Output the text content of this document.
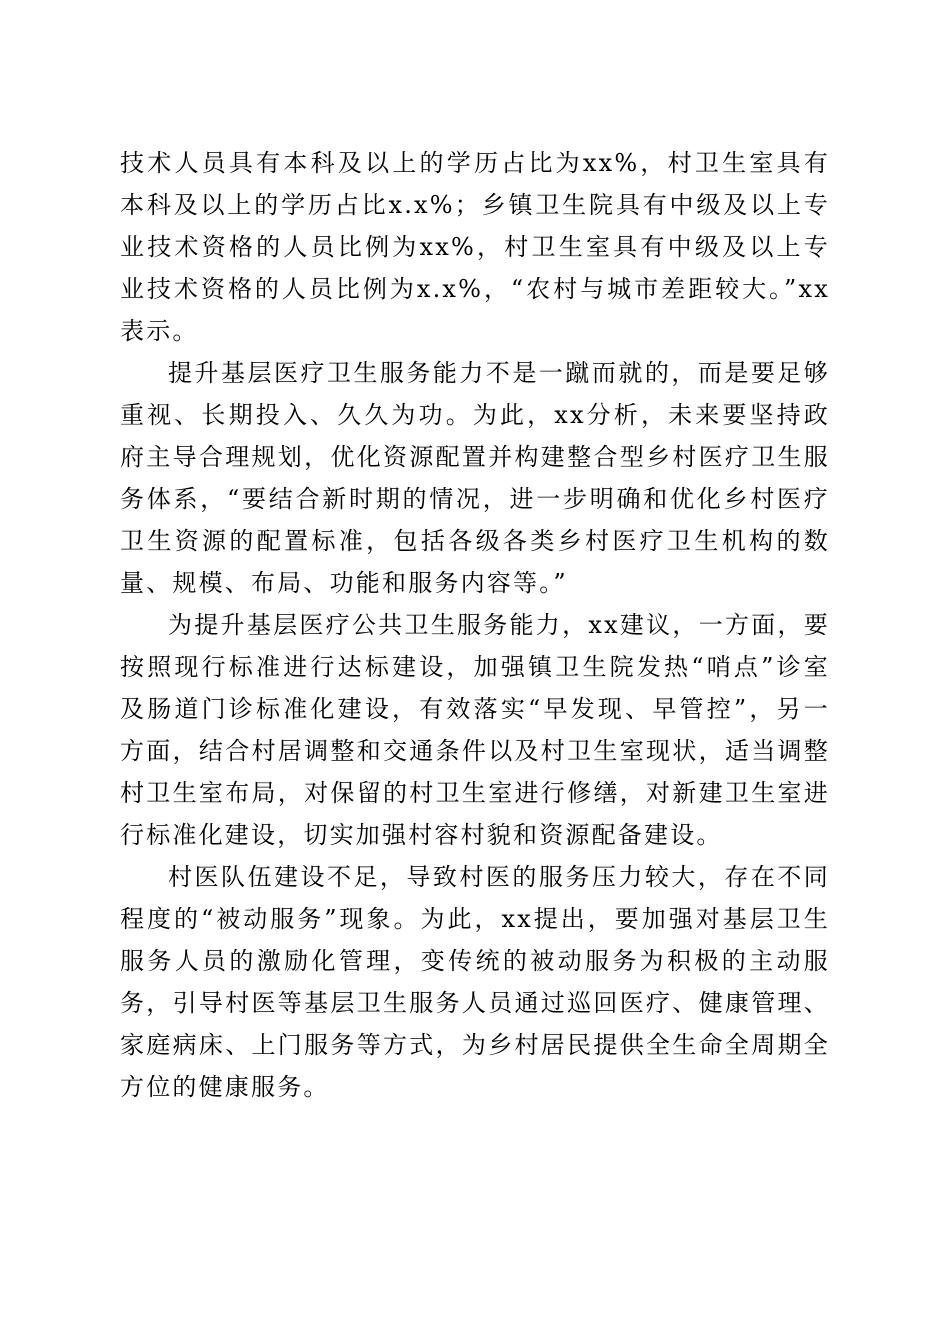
技术人员具有本科及以上的学历占比为xx%，村卫生室具有本科及以上的学历占比x.x%；乡镇卫生院具有中级及以上专业技术资格的人员比例为xx%，村卫生室具有中级及以上专业技术资格的人员比例为x.x%，“农村与城市差距较大。”xx表示。

提升基层医疗卫生服务能力不是一蹴而就的，而是要足够重视、长期投入、久久为功。为此，xx分析，未来要坚持政府主导合理规划，优化资源配置并构建整合型乡村医疗卫生服务体系，“要结合新时期的情况，进一步明确和优化乡村医疗卫生资源的配置标准，包括各级各类乡村医疗卫生机构的数量、规模、布局、功能和服务内容等。”

为提升基层医疗公共卫生服务能力，xx建议，一方面，要按照现行标准进行达标建设，加强镇卫生院发热“哨点”诊室及肠道门诊标准化建设，有效落实“早发现、早管控”，另一方面，结合村居调整和交通条件以及村卫生室现状，适当调整村卫生室布局，对保留的村卫生室进行修缮，对新建卫生室进行标准化建设，切实加强村容村貌和资源配备建设。

村医队伍建设不足，导致村医的服务压力较大，存在不同程度的“被动服务”现象。为此，xx提出，要加强对基层卫生服务人员的激励化管理，变传统的被动服务为积极的主动服务，引导村医等基层卫生服务人员通过巡回医疗、健康管理、家庭病床、上门服务等方式，为乡村居民提供全生命全周期全方位的健康服务。
